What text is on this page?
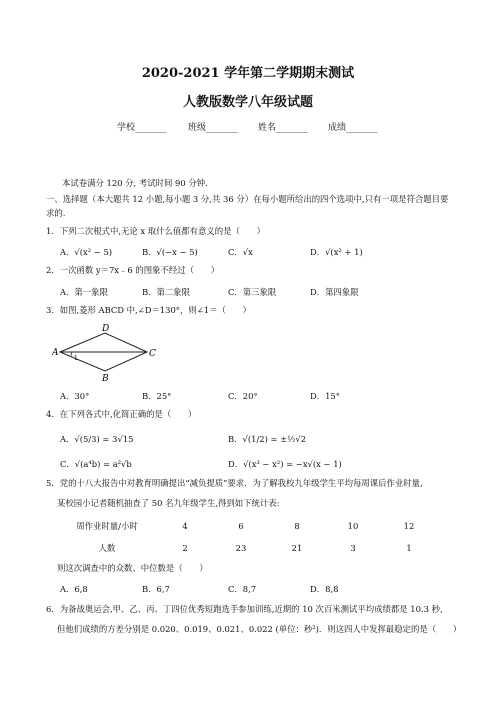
2020-2021 学年第二学期期末测试
人教版数学八年级试题
学校_______ 班级_______ 姓名_______ 成绩_______
本试卷满分 120 分, 考试时间 90 分钟.
一、选择题（本大题共 12 小题,每小题 3 分,共 36 分）在每小题所给出的四个选项中,只有一项是符合题目要求的.
1．下列二次根式中,无论 x 取什么值都有意义的是（　　）
A．√(x² − 5)	B．√(−x − 5)	C．√x	D．√(x² + 1)
2．一次函数 y＝7x﹣6 的图象不经过（　　）
A．第一象限	B．第二象限	C．第三象限	D．第四象限
3．如图,菱形 ABCD 中,∠D＝130°，则∠1＝（　　）
D
A	C
B
1
A．30°	B．25°	C．20°	D．15°
4．在下列各式中,化简正确的是（　　）
A．√(5/3) = 3√15	B．√(1/2) = ±½√2
C．√(a⁴b) = a²√b	D．√(x³ − x²) = −x√(x − 1)
5．党的十八大报告中对教育明确提出“减负提质”要求．为了解我校九年级学生平均每周课后作业时量,
某校园小记者随机抽查了 50 名九年级学生,得到如下统计表:
周作业时量/小时	4	6	8	10	12
人数	2	23	21	3	1
则这次调查中的众数、中位数是（　　）
A．6,8	B．6,7	C．8,7	D．8,8
6．为备战奥运会,甲、乙、丙、丁四位优秀短跑选手参加训练,近期的 10 次百米测试平均成绩都是 10.3 秒,
但他们成绩的方差分别是 0.020、0.019、0.021、0.022 (单位：秒²)．则这四人中发挥最稳定的是（　　）
